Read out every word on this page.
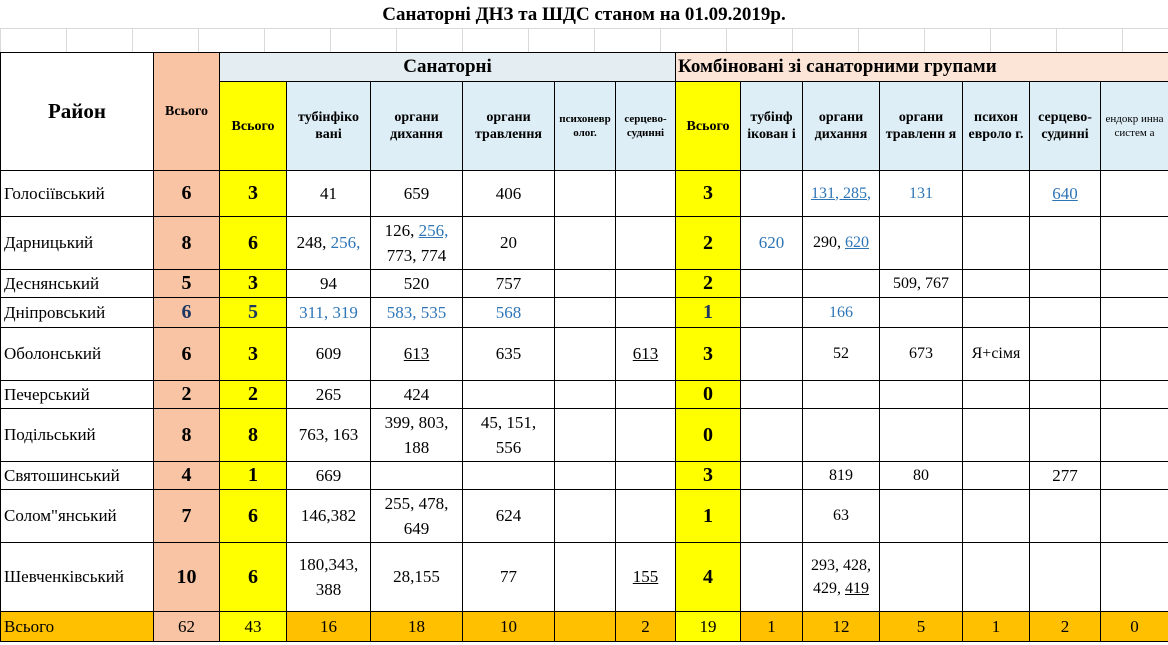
Санаторні ДНЗ та ШДС станом на 01.09.2019р.
Район	Всього	Санаторні						Комбіновані зі санаторними групами						
		Всього	тубінфіко вані	органи дихання	органи травлення	психоневр олог.	серцево-судинні	Всього	тубінф ікован і	органи дихання	органи травленн я	психон евроло г.	серцево-судинні	ендокр инна систем а
Голосіївський	6	3	41	659	406			3		131, 285,	131		640	
Дарницький	8	6	248, 256,	126, 256,
773, 774	20			2	620	290, 620				
Деснянський	5	3	94	520	757			2			509, 767			
Дніпровський	6	5	311, 319	583, 535	568			1		166				
Оболонський	6	3	609	613	635		613	3		52	673	Я+сімя		
Печерський	2	2	265	424				0						
Подільський	8	8	763, 163	399, 803,
188	45, 151,
556			0						
Святошинський	4	1	669					3		819	80		277	
Солом"янський	7	6	146,382	255, 478,
649	624			1		63				
Шевченківський	10	6	180,343,
388	28,155	77		155	4		293, 428,
429, 419				
Всього	62	43	16	18	10		2	19	1	12	5	1	2	0
